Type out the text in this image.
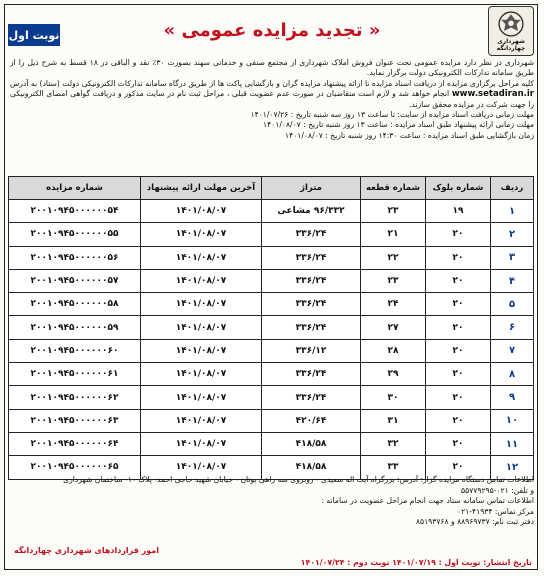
نوبت اول	شهرداری
چهاردانگه
« تجدید مزایده عمومی »

شهرداری در نظر دارد مزایده عمومی تحت عنوان فروش املاک شهرداری از مجتمع صنفی و خدماتی سهند بصورت ۳۰٪ نقد و الباقی در ۱۸ قسط به شرح ذیل را از طریق سامانه تدارکات الکترونیکی دولت برگزار نماید.

کلیه مراحل برگزاری مزایده از دریافت اسناد مزایده تا ارائه پیشنهاد مزایده گران و بازگشایی پاکت ها از طریق درگاه سامانه تدارکات الکترونیکی دولت (ستاد) به آدرس www.setadiran.ir انجام خواهد شد و لازم است متقاضیان در صورت عدم عضویت قبلی ، مراحل ثبت نام در سایت مذکور و دریافت گواهی امضای الکترونیکی را جهت شرکت در مزایده محقق سازند.

مهلت زمانی دریافت اسناد مزایده از سایت: تا ساعت ۱۳ روز سه شنبه تاریخ : ۱۴۰۱/۰۷/۲۶

مهلت زمانی ارائه پیشنهاد طبق اسناد مزایده : ساعت ۱۳ روز شنبه تاریخ : ۱۴۰۱/۰۸/۰۷

زمان بازگشایی طبق اسناد مزایده : ساعت ۱۴:۳۰ روز شنبه تاریخ : ۱۴۰۱/۰۸/۰۷

ردیف	شماره بلوک	شماره قطعه	متراژ	آخرین مهلت ارائه پیشنهاد	شماره مزایده
۱	۱۹	۲۳	۹۶/۳۳۲ مشاعی	۱۴۰۱/۰۸/۰۷	۲۰۰۱۰۹۴۵۰۰۰۰۰۰۵۴
۲	۲۰	۲۱	۳۳۶/۲۴	۱۴۰۱/۰۸/۰۷	۲۰۰۱۰۹۴۵۰۰۰۰۰۰۵۵
۳	۲۰	۲۲	۳۳۶/۲۴	۱۴۰۱/۰۸/۰۷	۲۰۰۱۰۹۴۵۰۰۰۰۰۰۵۶
۴	۲۰	۲۳	۳۳۶/۲۴	۱۴۰۱/۰۸/۰۷	۲۰۰۱۰۹۴۵۰۰۰۰۰۰۵۷
۵	۲۰	۲۴	۳۳۶/۲۴	۱۴۰۱/۰۸/۰۷	۲۰۰۱۰۹۴۵۰۰۰۰۰۰۵۸
۶	۲۰	۲۷	۳۳۶/۲۴	۱۴۰۱/۰۸/۰۷	۲۰۰۱۰۹۴۵۰۰۰۰۰۰۵۹
۷	۲۰	۲۸	۳۳۶/۱۲	۱۴۰۱/۰۸/۰۷	۲۰۰۱۰۹۴۵۰۰۰۰۰۰۶۰
۸	۲۰	۲۹	۳۳۶/۲۴	۱۴۰۱/۰۸/۰۷	۲۰۰۱۰۹۴۵۰۰۰۰۰۰۶۱
۹	۲۰	۳۰	۳۳۶/۲۴	۱۴۰۱/۰۸/۰۷	۲۰۰۱۰۹۴۵۰۰۰۰۰۰۶۲
۱۰	۲۰	۳۱	۴۲۰/۶۴	۱۴۰۱/۰۸/۰۷	۲۰۰۱۰۹۴۵۰۰۰۰۰۰۶۳
۱۱	۲۰	۳۲	۴۱۸/۵۸	۱۴۰۱/۰۸/۰۷	۲۰۰۱۰۹۴۵۰۰۰۰۰۰۶۴
۱۲	۲۰	۳۳	۴۱۸/۵۸	۱۴۰۱/۰۸/۰۷	۲۰۰۱۰۹۴۵۰۰۰۰۰۰۶۵

اطلاعات تماس دستگاه مزایده گزار: آدرس: بزرگراه آیت اله سعیدی - روبروی سه راهی بوتان - خیابان شهید حاجی احمد- پلاک ۱۰- ساختمان شهرداری

و تلفن: ۰۲۱-۵۵۷۷۹۲۹۵

اطلاعات تماس سامانه ستاد جهت انجام مراحل عضویت در سامانه :

مرکز تماس: ۴۱۹۳۴-۰۲۱

دفتر ثبت نام: ۸۸۹۶۹۷۳۷ و ۸۵۱۹۳۷۶۸

امور قراردادهای شهرداری چهاردانگه
تاریخ انتشار: نوبت اول : ۱۴۰۱/۰۷/۱۹ نوبت دوم : ۱۴۰۱/۰۷/۲۴
